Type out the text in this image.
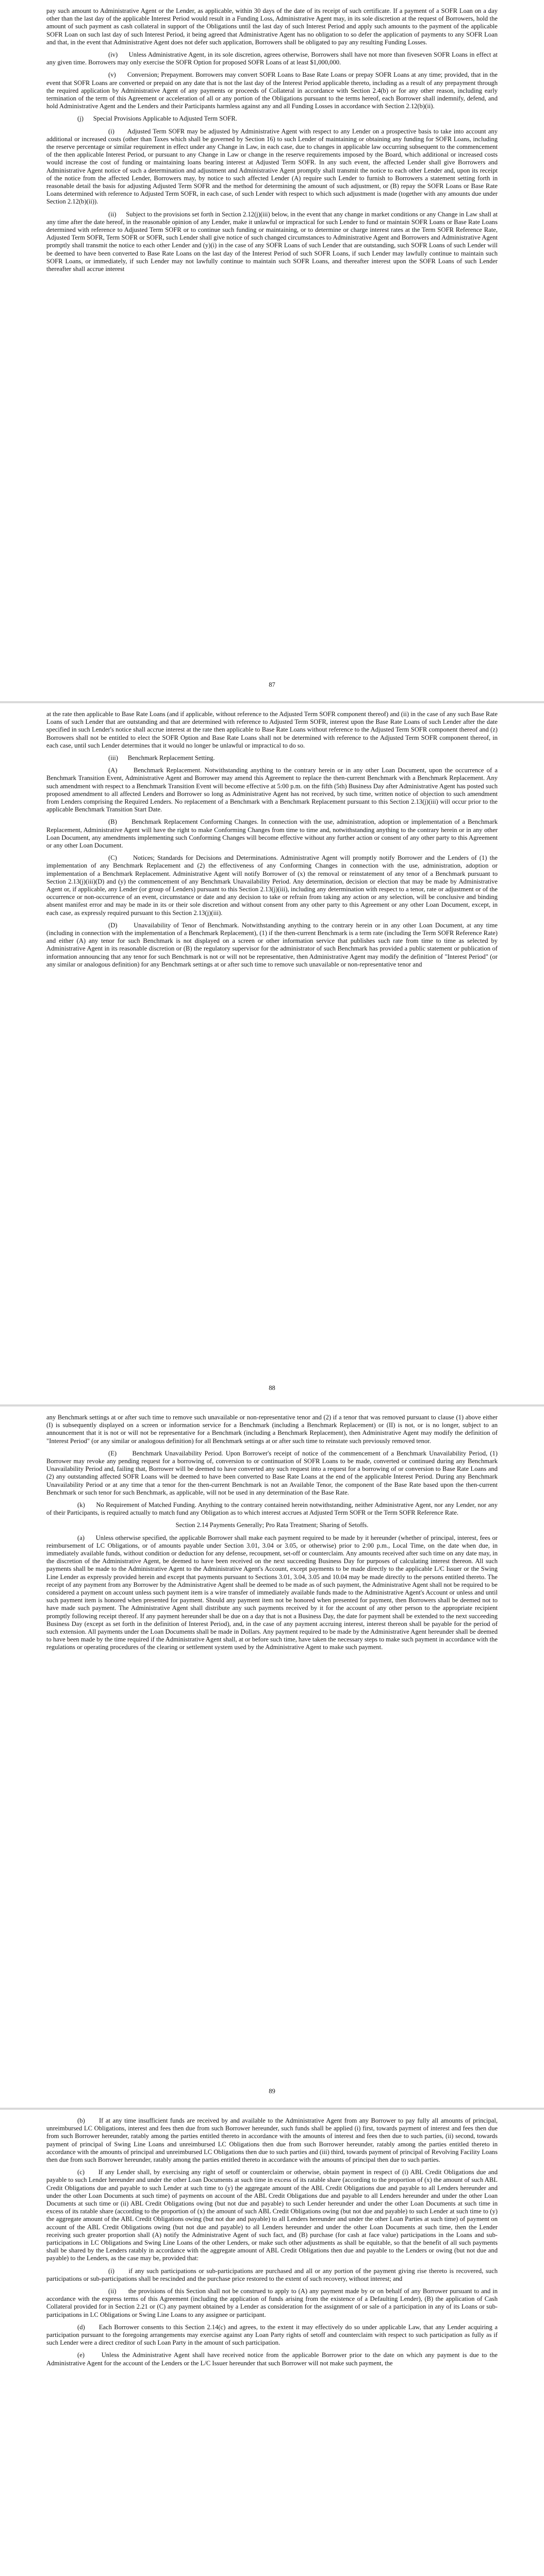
pay such amount to Administrative Agent or the Lender, as applicable, within 30 days of the date of its receipt of such certificate. If a payment of a SOFR Loan on a day other than the last day of the applicable Interest Period would result in a Funding Loss, Administrative Agent may, in its sole discretion at the request of Borrowers, hold the amount of such payment as cash collateral in support of the Obligations until the last day of such Interest Period and apply such amounts to the payment of the applicable SOFR Loan on such last day of such Interest Period, it being agreed that Administrative Agent has no obligation to so defer the application of payments to any SOFR Loan and that, in the event that Administrative Agent does not defer such application, Borrowers shall be obligated to pay any resulting Funding Losses.

(iv)      Unless Administrative Agent, in its sole discretion, agrees otherwise, Borrowers shall have not more than fiveseven SOFR Loans in effect at any given time. Borrowers may only exercise the SOFR Option for proposed SOFR Loans of at least $1,000,000.

(v)      Conversion; Prepayment. Borrowers may convert SOFR Loans to Base Rate Loans or prepay SOFR Loans at any time; provided, that in the event that SOFR Loans are converted or prepaid on any date that is not the last day of the Interest Period applicable thereto, including as a result of any prepayment through the required application by Administrative Agent of any payments or proceeds of Collateral in accordance with Section 2.4(b) or for any other reason, including early termination of the term of this Agreement or acceleration of all or any portion of the Obligations pursuant to the terms hereof, each Borrower shall indemnify, defend, and hold Administrative Agent and the Lenders and their Participants harmless against any and all Funding Losses in accordance with Section 2.12(b)(ii).

(j)      Special Provisions Applicable to Adjusted Term SOFR.

(i)      Adjusted Term SOFR may be adjusted by Administrative Agent with respect to any Lender on a prospective basis to take into account any additional or increased costs (other than Taxes which shall be governed by Section 16) to such Lender of maintaining or obtaining any funding for SOFR Loans, including the reserve percentage or similar requirement in effect under any Change in Law, in each case, due to changes in applicable law occurring subsequent to the commencement of the then applicable Interest Period, or pursuant to any Change in Law or change in the reserve requirements imposed by the Board, which additional or increased costs would increase the cost of funding or maintaining loans bearing interest at Adjusted Term SOFR. In any such event, the affected Lender shall give Borrowers and Administrative Agent notice of such a determination and adjustment and Administrative Agent promptly shall transmit the notice to each other Lender and, upon its receipt of the notice from the affected Lender, Borrowers may, by notice to such affected Lender (A) require such Lender to furnish to Borrowers a statement setting forth in reasonable detail the basis for adjusting Adjusted Term SOFR and the method for determining the amount of such adjustment, or (B) repay the SOFR Loans or Base Rate Loans determined with reference to Adjusted Term SOFR, in each case, of such Lender with respect to which such adjustment is made (together with any amounts due under Section 2.12(b)(ii)).

(ii)      Subject to the provisions set forth in Section 2.12(j)(iii) below, in the event that any change in market conditions or any Change in Law shall at any time after the date hereof, in the reasonable opinion of any Lender, make it unlawful or impractical for such Lender to fund or maintain SOFR Loans or Base Rate Loans determined with reference to Adjusted Term SOFR or to continue such funding or maintaining, or to determine or charge interest rates at the Term SOFR Reference Rate, Adjusted Term SOFR, Term SOFR or SOFR, such Lender shall give notice of such changed circumstances to Administrative Agent and Borrowers and Administrative Agent promptly shall transmit the notice to each other Lender and (y)(i) in the case of any SOFR Loans of such Lender that are outstanding, such SOFR Loans of such Lender will be deemed to have been converted to Base Rate Loans on the last day of the Interest Period of such SOFR Loans, if such Lender may lawfully continue to maintain such SOFR Loans, or immediately, if such Lender may not lawfully continue to maintain such SOFR Loans, and thereafter interest upon the SOFR Loans of such Lender thereafter shall accrue interest

87

at the rate then applicable to Base Rate Loans (and if applicable, without reference to the Adjusted Term SOFR component thereof) and (ii) in the case of any such Base Rate Loans of such Lender that are outstanding and that are determined with reference to Adjusted Term SOFR, interest upon the Base Rate Loans of such Lender after the date specified in such Lender's notice shall accrue interest at the rate then applicable to Base Rate Loans without reference to the Adjusted Term SOFR component thereof and (z) Borrowers shall not be entitled to elect the SOFR Option and Base Rate Loans shall not be determined with reference to the Adjusted Term SOFR component thereof, in each case, until such Lender determines that it would no longer be unlawful or impractical to do so.

(iii)      Benchmark Replacement Setting.

(A)      Benchmark Replacement. Notwithstanding anything to the contrary herein or in any other Loan Document, upon the occurrence of a Benchmark Transition Event, Administrative Agent and Borrower may amend this Agreement to replace the then-current Benchmark with a Benchmark Replacement. Any such amendment with respect to a Benchmark Transition Event will become effective at 5:00 p.m. on the fifth (5th) Business Day after Administrative Agent has posted such proposed amendment to all affected Lenders and Borrower so long as Administrative Agent has not received, by such time, written notice of objection to such amendment from Lenders comprising the Required Lenders. No replacement of a Benchmark with a Benchmark Replacement pursuant to this Section 2.13(j)(iii) will occur prior to the applicable Benchmark Transition Start Date.

(B)      Benchmark Replacement Conforming Changes. In connection with the use, administration, adoption or implementation of a Benchmark Replacement, Administrative Agent will have the right to make Conforming Changes from time to time and, notwithstanding anything to the contrary herein or in any other Loan Document, any amendments implementing such Conforming Changes will become effective without any further action or consent of any other party to this Agreement or any other Loan Document.

(C)      Notices; Standards for Decisions and Determinations. Administrative Agent will promptly notify Borrower and the Lenders of (1) the implementation of any Benchmark Replacement and (2) the effectiveness of any Conforming Changes in connection with the use, administration, adoption or implementation of a Benchmark Replacement. Administrative Agent will notify Borrower of (x) the removal or reinstatement of any tenor of a Benchmark pursuant to Section 2.13(j)(iii)(D) and (y) the commencement of any Benchmark Unavailability Period. Any determination, decision or election that may be made by Administrative Agent or, if applicable, any Lender (or group of Lenders) pursuant to this Section 2.13(j)(iii), including any determination with respect to a tenor, rate or adjustment or of the occurrence or non-occurrence of an event, circumstance or date and any decision to take or refrain from taking any action or any selection, will be conclusive and binding absent manifest error and may be made in its or their sole discretion and without consent from any other party to this Agreement or any other Loan Document, except, in each case, as expressly required pursuant to this Section 2.13(j)(iii).

(D)      Unavailability of Tenor of Benchmark. Notwithstanding anything to the contrary herein or in any other Loan Document, at any time (including in connection with the implementation of a Benchmark Replacement), (1) if the then-current Benchmark is a term rate (including the Term SOFR Reference Rate) and either (A) any tenor for such Benchmark is not displayed on a screen or other information service that publishes such rate from time to time as selected by Administrative Agent in its reasonable discretion or (B) the regulatory supervisor for the administrator of such Benchmark has provided a public statement or publication of information announcing that any tenor for such Benchmark is not or will not be representative, then Administrative Agent may modify the definition of "Interest Period" (or any similar or analogous definition) for any Benchmark settings at or after such time to remove such unavailable or non-representative tenor and

88

any Benchmark settings at or after such time to remove such unavailable or non-representative tenor and (2) if a tenor that was removed pursuant to clause (1) above either (I) is subsequently displayed on a screen or information service for a Benchmark (including a Benchmark Replacement) or (II) is not, or is no longer, subject to an announcement that it is not or will not be representative for a Benchmark (including a Benchmark Replacement), then Administrative Agent may modify the definition of "Interest Period" (or any similar or analogous definition) for all Benchmark settings at or after such time to reinstate such previously removed tenor.

(E)      Benchmark Unavailability Period. Upon Borrower's receipt of notice of the commencement of a Benchmark Unavailability Period, (1) Borrower may revoke any pending request for a borrowing of, conversion to or continuation of SOFR Loans to be made, converted or continued during any Benchmark Unavailability Period and, failing that, Borrower will be deemed to have converted any such request into a request for a borrowing of or conversion to Base Rate Loans and (2) any outstanding affected SOFR Loans will be deemed to have been converted to Base Rate Loans at the end of the applicable Interest Period. During any Benchmark Unavailability Period or at any time that a tenor for the then-current Benchmark is not an Available Tenor, the component of the Base Rate based upon the then-current Benchmark or such tenor for such Benchmark, as applicable, will not be used in any determination of the Base Rate.

(k)      No Requirement of Matched Funding. Anything to the contrary contained herein notwithstanding, neither Administrative Agent, nor any Lender, nor any of their Participants, is required actually to match fund any Obligation as to which interest accrues at Adjusted Term SOFR or the Term SOFR Reference Rate.

Section 2.14 Payments Generally; Pro Rata Treatment; Sharing of Setoffs.

(a)      Unless otherwise specified, the applicable Borrower shall make each payment required to be made by it hereunder (whether of principal, interest, fees or reimbursement of LC Obligations, or of amounts payable under Section 3.01, 3.04 or 3.05, or otherwise) prior to 2:00 p.m., Local Time, on the date when due, in immediately available funds, without condition or deduction for any defense, recoupment, set-off or counterclaim. Any amounts received after such time on any date may, in the discretion of the Administrative Agent, be deemed to have been received on the next succeeding Business Day for purposes of calculating interest thereon. All such payments shall be made to the Administrative Agent to the Administrative Agent's Account, except payments to be made directly to the applicable L/C Issuer or the Swing Line Lender as expressly provided herein and except that payments pursuant to Sections 3.01, 3.04, 3.05 and 10.04 may be made directly to the persons entitled thereto. The receipt of any payment from any Borrower by the Administrative Agent shall be deemed to be made as of such payment, the Administrative Agent shall not be required to be considered a payment on account unless such payment item is a wire transfer of immediately available funds made to the Administrative Agent's Account or unless and until such payment item is honored when presented for payment. Should any payment item not be honored when presented for payment, then Borrowers shall be deemed not to have made such payment. The Administrative Agent shall distribute any such payments received by it for the account of any other person to the appropriate recipient promptly following receipt thereof. If any payment hereunder shall be due on a day that is not a Business Day, the date for payment shall be extended to the next succeeding Business Day (except as set forth in the definition of Interest Period), and, in the case of any payment accruing interest, interest thereon shall be payable for the period of such extension. All payments under the Loan Documents shall be made in Dollars. Any payment required to be made by the Administrative Agent hereunder shall be deemed to have been made by the time required if the Administrative Agent shall, at or before such time, have taken the necessary steps to make such payment in accordance with the regulations or operating procedures of the clearing or settlement system used by the Administrative Agent to make such payment.

89

(b)      If at any time insufficient funds are received by and available to the Administrative Agent from any Borrower to pay fully all amounts of principal, unreimbursed LC Obligations, interest and fees then due from such Borrower hereunder, such funds shall be applied (i) first, towards payment of interest and fees then due from such Borrower hereunder, ratably among the parties entitled thereto in accordance with the amounts of interest and fees then due to such parties, (ii) second, towards payment of principal of Swing Line Loans and unreimbursed LC Obligations then due from such Borrower hereunder, ratably among the parties entitled thereto in accordance with the amounts of principal and unreimbursed LC Obligations then due to such parties and (iii) third, towards payment of principal of Revolving Facility Loans then due from such Borrower hereunder, ratably among the parties entitled thereto in accordance with the amounts of principal then due to such parties.

(c)      If any Lender shall, by exercising any right of setoff or counterclaim or otherwise, obtain payment in respect of (i) ABL Credit Obligations due and payable to such Lender hereunder and under the other Loan Documents at such time in excess of its ratable share (according to the proportion of (x) the amount of such ABL Credit Obligations due and payable to such Lender at such time to (y) the aggregate amount of the ABL Credit Obligations due and payable to all Lenders hereunder and under the other Loan Documents at such time) of payments on account of the ABL Credit Obligations due and payable to all Lenders hereunder and under the other Loan Documents at such time or (ii) ABL Credit Obligations owing (but not due and payable) to such Lender hereunder and under the other Loan Documents at such time in excess of its ratable share (according to the proportion of (x) the amount of such ABL Credit Obligations owing (but not due and payable) to such Lender at such time to (y) the aggregate amount of the ABL Credit Obligations owing (but not due and payable) to all Lenders hereunder and under the other Loan Parties at such time) of payment on account of the ABL Credit Obligations owing (but not due and payable) to all Lenders hereunder and under the other Loan Documents at such time, then the Lender receiving such greater proportion shall (A) notify the Administrative Agent of such fact, and (B) purchase (for cash at face value) participations in the Loans and sub-participations in LC Obligations and Swing Line Loans of the other Lenders, or make such other adjustments as shall be equitable, so that the benefit of all such payments shall be shared by the Lenders ratably in accordance with the aggregate amount of ABL Credit Obligations then due and payable to the Lenders or owing (but not due and payable) to the Lenders, as the case may be, provided that:

(i)      if any such participations or sub-participations are purchased and all or any portion of the payment giving rise thereto is recovered, such participations or sub-participations shall be rescinded and the purchase price restored to the extent of such recovery, without interest; and

(ii)      the provisions of this Section shall not be construed to apply to (A) any payment made by or on behalf of any Borrower pursuant to and in accordance with the express terms of this Agreement (including the application of funds arising from the existence of a Defaulting Lender), (B) the application of Cash Collateral provided for in Section 2.21 or (C) any payment obtained by a Lender as consideration for the assignment of or sale of a participation in any of its Loans or sub-participations in LC Obligations or Swing Line Loans to any assignee or participant.

(d)      Each Borrower consents to this Section 2.14(c) and agrees, to the extent it may effectively do so under applicable Law, that any Lender acquiring a participation pursuant to the foregoing arrangements may exercise against any Loan Party rights of setoff and counterclaim with respect to such participation as fully as if such Lender were a direct creditor of such Loan Party in the amount of such participation.

(e)      Unless the Administrative Agent shall have received notice from the applicable Borrower prior to the date on which any payment is due to the Administrative Agent for the account of the Lenders or the L/C Issuer hereunder that such Borrower will not make such payment, the
